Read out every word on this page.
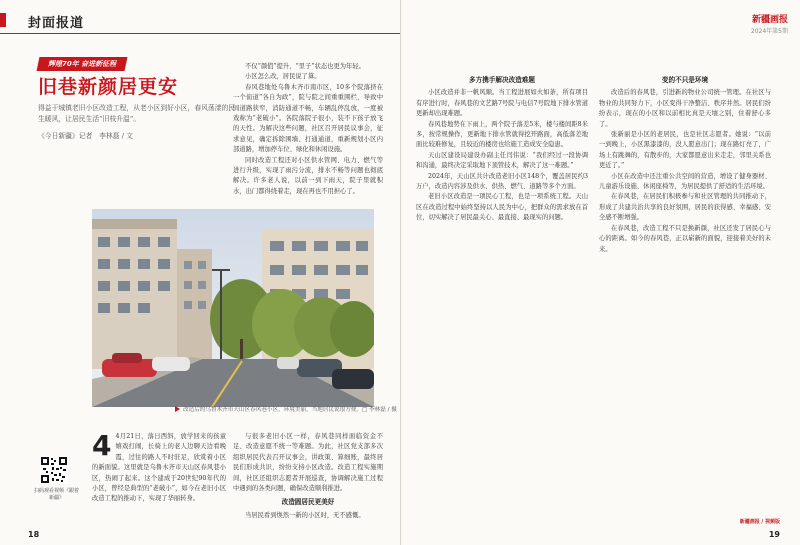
封面报道
辉煌70年 奋进新征程
旧巷新颜居更安
得益于城镇老旧小区改造工程，从老小区到好小区，春风荡漾的民生暖风，让居民生活“旧枝升温”。
《今日新疆》记者　李林磊 / 文

不仅“颜值”提升，“里子”状态也更为年轻。

小区怎么改，居民说了算。

春风巷地处乌鲁木齐市南市区，10多个院落挤在一个街道“各自为政”，院与院之间重重围栏，导致中间道路狭窄，消防通道不畅，车辆乱停乱放，一度被戏称为“老破小”。各院落院子很小，装不下孩子放飞的天性。为解决这些问题，社区召开居民议事会，征求意见，确定拆除围墙、打通通道，重新规划小区内部道路，增加停车位、绿化和休闲设施。

同时改造工程还对小区供水管网、电力、燃气等进行升级，实现了雨污分流，排水不畅等问题也彻底解决。许多老人说，以前一到下雨天，院子里就积水，出门都得绕着走，现在再也不用担心了。

改造后的乌鲁木齐市天山区春风巷小区，环境美丽，当地居民说很方便。□ 李林磊 / 摄
4 4月21日，落日西斜，放学回来的孩童嬉戏打闹，长椅上的老人边聊天边看晚霞，过往的路人不时驻足，欣赏着小区的新面貌。这里就是乌鲁木齐市天山区春风巷小区，热闹了起来。这个建成于20世纪90年代的小区，曾经是典型的“老破小”，如今在老旧小区改造工程的推动下，实现了华丽转身。

与很多老旧小区一样，春风巷同样面临资金不足、改造意愿不统一等难题。为此，社区党支部多次组织居民代表召开议事会，讲政策、算细账，最终居民们形成共识，纷纷支持小区改造。改造工程实施期间，社区还组织志愿者开展巡查，协调解决施工过程中遇到的各类问题，确保改造顺利推进。

改造圆居民更美好

当居民看到焕然一新的小区时，无不感慨。

扫码观看视频《跟着新疆》
18
新疆画报
2024年第5期
多方携手解决改造难题

小区改造并非一帆风顺。当工程进展如火如荼，所有项目有序进行时，春风巷的文艺路7号院与电信7号院地下排水管道更新却出现难题。

春风巷地势在下雨上，两个院子落差5米，楼与楼间距8米多，按常规操作，更新地下排水管就得挖开路面，高低落差地面比较难修复，且较近的楼房也给施工造成安全隐患。

天山区建设局建设办副主任闫伟说：“我们经过一段协调和沟通，最终决定采取地下顶管技术，解决了这一难题。”

2024年，天山区共计改造老旧小区148个，覆盖居民约3万户，改造内容涉及供水、供热、燃气、道路等多个方面。

老旧小区改造是一项民心工程，也是一项系统工程。天山区在改造过程中始终坚持以人民为中心，把群众的需求放在首位，切实解决了居民最关心、最直接、最现实的问题。

变的不只是环境

改造后的春风巷，引进新的物业公司统一管理。在社区与物业的共同努力下，小区变得干净整洁、秩序井然。居民们纷纷表示，现在的小区和以前相比真是天壤之别，住着舒心多了。

张新丽是小区的老居民，也是社区志愿者。她说：“以前一到晚上，小区黑漆漆的，没人愿意出门；现在路灯亮了，广场上有跳舞的，有散步的，大家都愿意出来走走，邻里关系也更近了。”

小区在改造中还注重公共空间的营造，增设了健身器材、儿童游乐设施、休闲座椅等，为居民提供了舒适的生活环境。

在春风巷，在居民们积极参与和社区管理的共同推动下，形成了共建共治共享的良好氛围，居民的获得感、幸福感、安全感不断增强。

在春风巷，改造工程不只是换新颜，社区还发了居民心与心的距离。如今的春风巷，正以崭新的面貌，迎接着美好的未来。

新疆画报 / 视频版
19
